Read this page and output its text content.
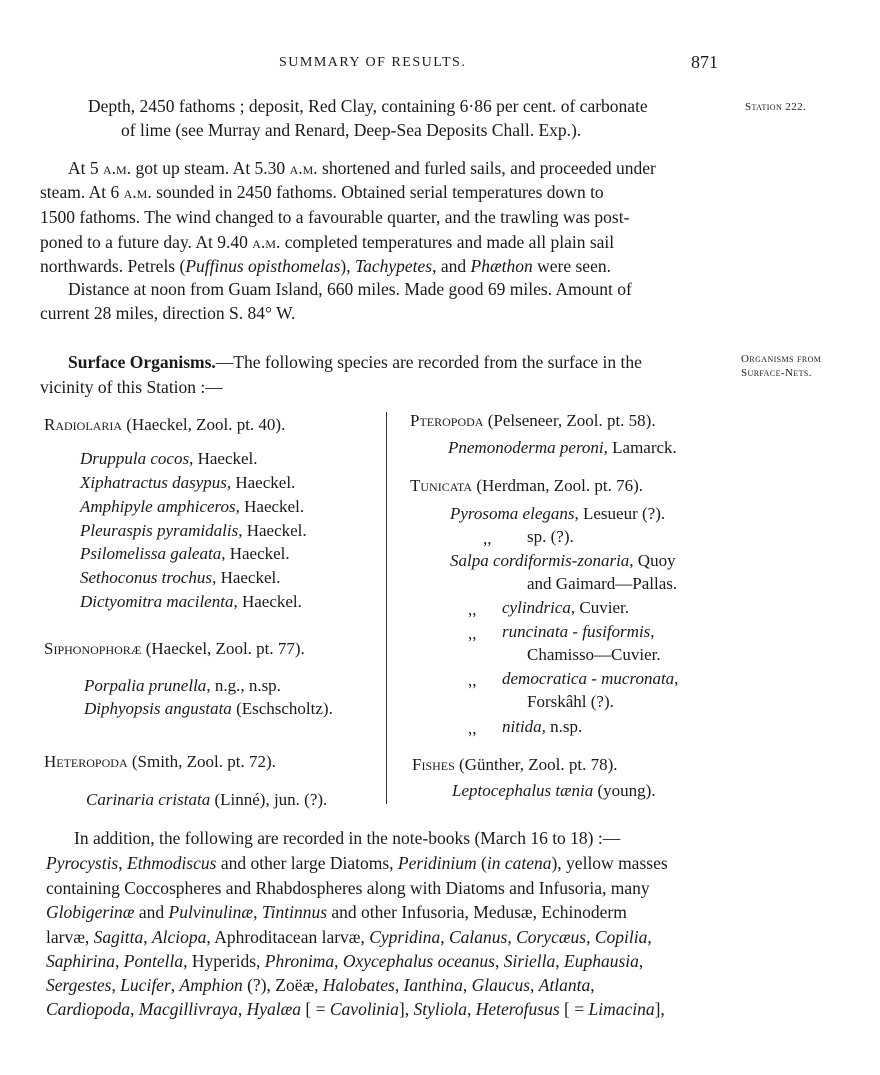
SUMMARY OF RESULTS.	871
Depth, 2450 fathoms ; deposit, Red Clay, containing 6·86 per cent. of carbonate
of lime (see Murray and Renard, Deep-Sea Deposits Chall. Exp.).
Station 222.
At 5 a.m. got up steam. At 5.30 a.m. shortened and furled sails, and proceeded under
steam. At 6 a.m. sounded in 2450 fathoms. Obtained serial temperatures down to
1500 fathoms. The wind changed to a favourable quarter, and the trawling was post-
poned to a future day. At 9.40 a.m. completed temperatures and made all plain sail
northwards. Petrels (Puffinus opisthomelas), Tachypetes, and Phæthon were seen.
Distance at noon from Guam Island, 660 miles. Made good 69 miles. Amount of
current 28 miles, direction S. 84° W.
Surface Organisms.—The following species are recorded from the surface in the
vicinity of this Station :—
Organisms from
Surface-Nets.
Radiolaria (Haeckel, Zool. pt. 40).
Druppula cocos, Haeckel.
Xiphatractus dasypus, Haeckel.
Amphipyle amphiceros, Haeckel.
Pleuraspis pyramidalis, Haeckel.
Psilomelissa galeata, Haeckel.
Sethoconus trochus, Haeckel.
Dictyomitra macilenta, Haeckel.
Siphonophoræ (Haeckel, Zool. pt. 77).
Porpalia prunella, n.g., n.sp.
Diphyopsis angustata (Eschscholtz).
Heteropoda (Smith, Zool. pt. 72).
Carinaria cristata (Linné), jun. (?).
Pteropoda (Pelseneer, Zool. pt. 58).
Pnemonoderma peroni, Lamarck.
Tunicata (Herdman, Zool. pt. 76).
Pyrosoma elegans, Lesueur (?).
,, sp. (?).
Salpa cordiformis-zonaria, Quoy
and Gaimard—Pallas.
,, cylindrica, Cuvier.
,, runcinata - fusiformis,
Chamisso—Cuvier.
,, democratica - mucronata,
Forskâhl (?).
,, nitida, n.sp.
Fishes (Günther, Zool. pt. 78).
Leptocephalus tænia (young).
In addition, the following are recorded in the note-books (March 16 to 18) :—
Pyrocystis, Ethmodiscus and other large Diatoms, Peridinium (in catena), yellow masses
containing Coccospheres and Rhabdospheres along with Diatoms and Infusoria, many
Globigerinæ and Pulvinulinæ, Tintinnus and other Infusoria, Medusæ, Echinoderm
larvæ, Sagitta, Alciopa, Aphroditacean larvæ, Cypridina, Calanus, Corycæus, Copilia,
Saphirina, Pontella, Hyperids, Phronima, Oxycephalus oceanus, Siriella, Euphausia,
Sergestes, Lucifer, Amphion (?), Zoëæ, Halobates, Ianthina, Glaucus, Atlanta,
Cardiopoda, Macgillivraya, Hyalæa [ = Cavolinia], Styliola, Heterofusus [ = Limacina],
